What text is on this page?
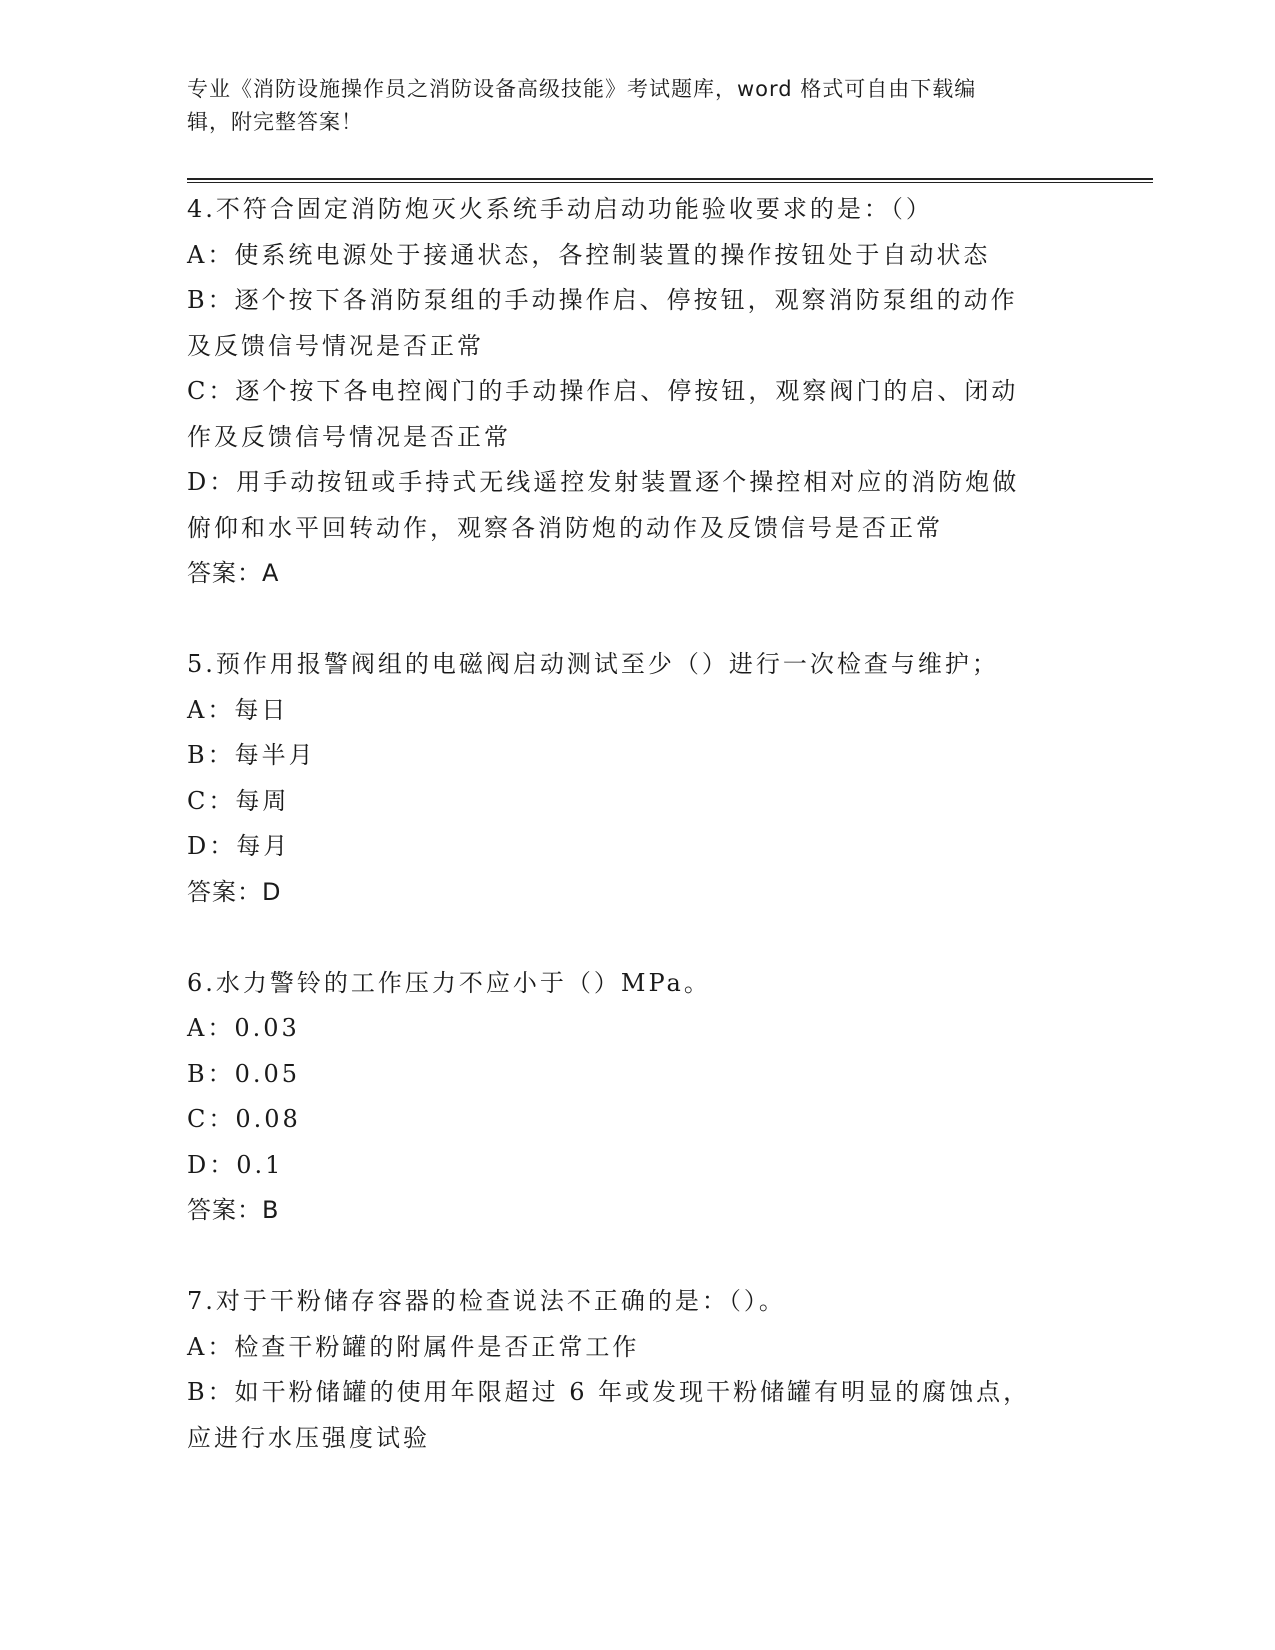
专业《消防设施操作员之消防设备高级技能》考试题库，word 格式可自由下载编
辑，附完整答案！

4.不符合固定消防炮灭火系统手动启动功能验收要求的是：（）

A：使系统电源处于接通状态，各控制装置的操作按钮处于自动状态

B：逐个按下各消防泵组的手动操作启、停按钮，观察消防泵组的动作

及反馈信号情况是否正常

C：逐个按下各电控阀门的手动操作启、停按钮，观察阀门的启、闭动

作及反馈信号情况是否正常

D：用手动按钮或手持式无线遥控发射装置逐个操控相对应的消防炮做

俯仰和水平回转动作，观察各消防炮的动作及反馈信号是否正常

答案：A

5.预作用报警阀组的电磁阀启动测试至少（）进行一次检查与维护；

A：每日

B：每半月

C：每周

D：每月

答案：D

6.水力警铃的工作压力不应小于（）MPa。

A：0.03

B：0.05

C：0.08

D：0.1

答案：B

7.对于干粉储存容器的检查说法不正确的是：（）。

A：检查干粉罐的附属件是否正常工作

B：如干粉储罐的使用年限超过 6 年或发现干粉储罐有明显的腐蚀点，

应进行水压强度试验
